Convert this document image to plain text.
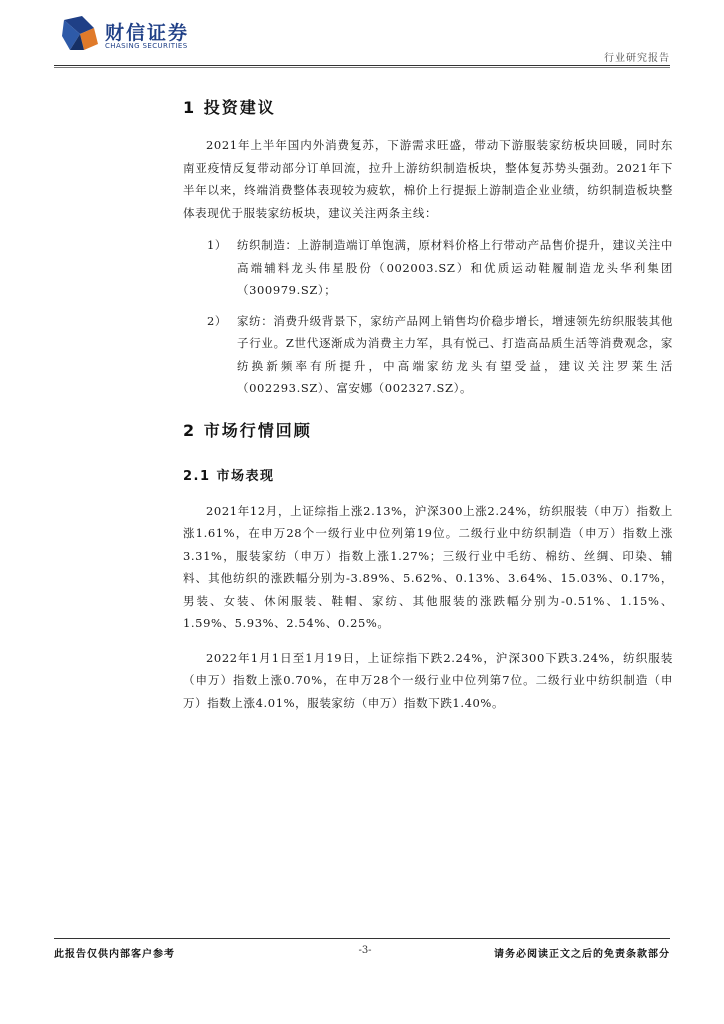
财信证券
CHASING SECURITIES
行业研究报告
1 投资建议

2021年上半年国内外消费复苏，下游需求旺盛，带动下游服装家纺板块回暖，同时东南亚疫情反复带动部分订单回流，拉升上游纺织制造板块，整体复苏势头强劲。2021年下半年以来，终端消费整体表现较为疲软，棉价上行提振上游制造企业业绩，纺织制造板块整体表现优于服装家纺板块，建议关注两条主线：

1） 纺织制造：上游制造端订单饱满，原材料价格上行带动产品售价提升，建议关注中高端辅料龙头伟星股份（002003.SZ）和优质运动鞋履制造龙头华利集团（300979.SZ）；
2） 家纺：消费升级背景下，家纺产品网上销售均价稳步增长，增速领先纺织服装其他子行业。Z世代逐渐成为消费主力军，具有悦己、打造高品质生活等消费观念，家纺换新频率有所提升，中高端家纺龙头有望受益，建议关注罗莱生活（002293.SZ）、富安娜（002327.SZ）。
2 市场行情回顾
2.1 市场表现

2021年12月，上证综指上涨2.13%，沪深300上涨2.24%，纺织服装（申万）指数上涨1.61%，在申万28个一级行业中位列第19位。二级行业中纺织制造（申万）指数上涨3.31%，服装家纺（申万）指数上涨1.27%；三级行业中毛纺、棉纺、丝绸、印染、辅料、其他纺织的涨跌幅分别为-3.89%、5.62%、0.13%、3.64%、15.03%、0.17%，男装、女装、休闲服装、鞋帽、家纺、其他服装的涨跌幅分别为-0.51%、1.15%、1.59%、5.93%、2.54%、0.25%。

2022年1月1日至1月19日，上证综指下跌2.24%，沪深300下跌3.24%，纺织服装（申万）指数上涨0.70%，在申万28个一级行业中位列第7位。二级行业中纺织制造（申万）指数上涨4.01%，服装家纺（申万）指数下跌1.40%。

此报告仅供内部客户参考	-3-	请务必阅读正文之后的免责条款部分
